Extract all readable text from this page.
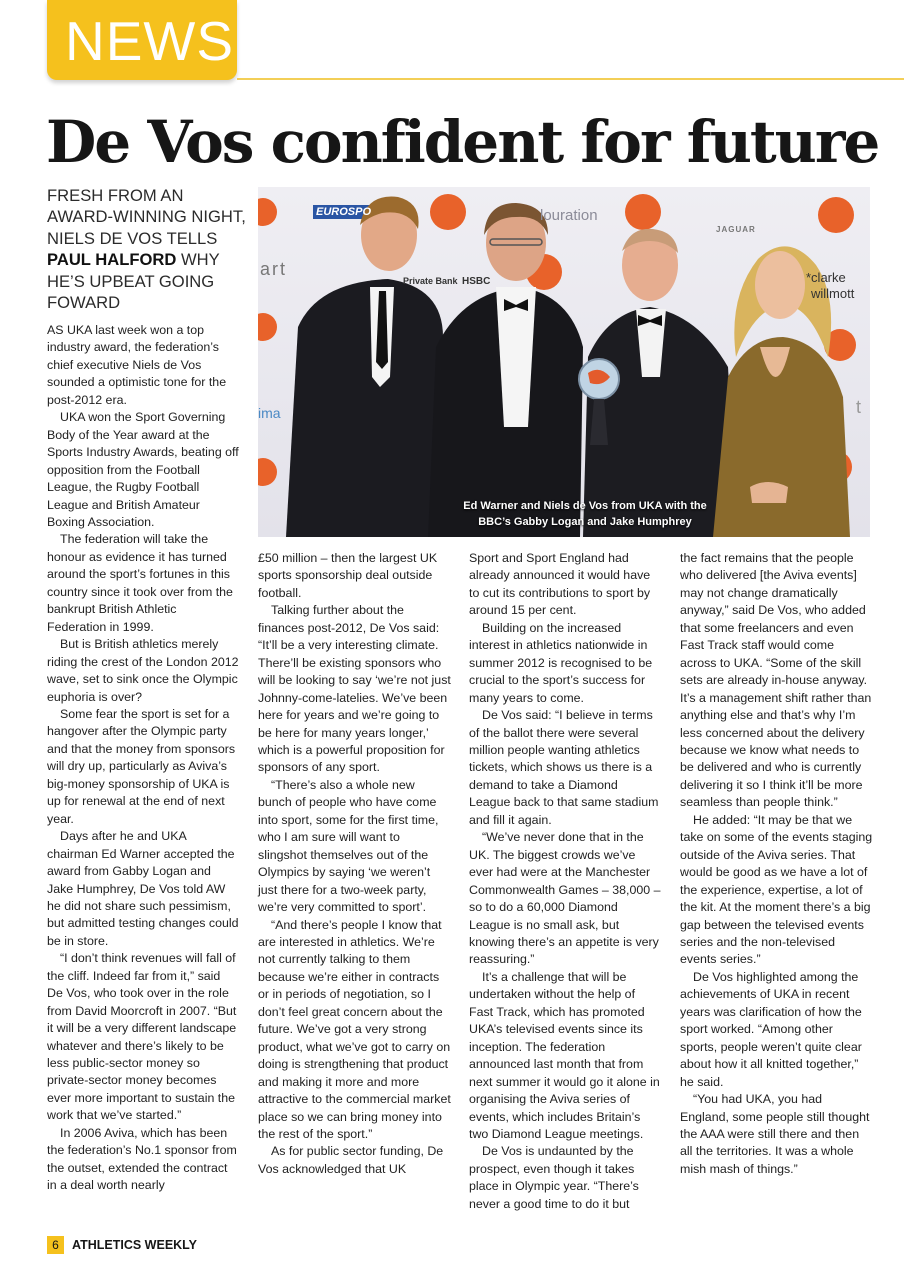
NEWS
De Vos confident for future

FRESH FROM AN AWARD-WINNING NIGHT, NIELS DE VOS TELLS PAUL HALFORD WHY HE’S UPBEAT GOING FOWARD

EUROSPO	louration
JAGUAR
*clarke
willmott
Private Bank HSBC
art
ima	t
Ed Warner and Niels de Vos from UKA with the
BBC’s Gabby Logan and Jake Humphrey

AS UKA last week won a top industry award, the federation’s chief executive Niels de Vos sounded a optimistic tone for the post-2012 era.

UKA won the Sport Governing Body of the Year award at the Sports Industry Awards, beating off opposition from the Football League, the Rugby Football League and British Amateur Boxing Association.

The federation will take the honour as evidence it has turned around the sport’s fortunes in this country since it took over from the bankrupt British Athletic Federation in 1999.

But is British athletics merely riding the crest of the London 2012 wave, set to sink once the Olympic euphoria is over?

Some fear the sport is set for a hangover after the Olympic party and that the money from sponsors will dry up, particularly as Aviva’s big-money sponsorship of UKA is up for renewal at the end of next year.

Days after he and UKA chairman Ed Warner accepted the award from Gabby Logan and Jake Humphrey, De Vos told AW he did not share such pessimism, but admitted testing changes could be in store.

“I don’t think revenues will fall of the cliff. Indeed far from it,” said De Vos, who took over in the role from David Moorcroft in 2007. “But it will be a very different landscape whatever and there’s likely to be less public-sector money so private-sector money becomes ever more important to sustain the work that we’ve started.”

In 2006 Aviva, which has been the federation’s No.1 sponsor from the outset, extended the contract in a deal worth nearly

£50 million – then the largest UK sports sponsorship deal outside football.

Talking further about the finances post-2012, De Vos said: “It’ll be a very interesting climate. There’ll be existing sponsors who will be looking to say ‘we’re not just Johnny-come-latelies. We’ve been here for years and we’re going to be here for many years longer,’ which is a powerful proposition for sponsors of any sport.

“There’s also a whole new bunch of people who have come into sport, some for the first time, who I am sure will want to slingshot themselves out of the Olympics by saying ‘we weren’t just there for a two-week party, we’re very committed to sport’.

“And there’s people I know that are interested in athletics. We’re not currently talking to them because we’re either in contracts or in periods of negotiation, so I don’t feel great concern about the future. We’ve got a very strong product, what we’ve got to carry on doing is strengthening that product and making it more and more attractive to the commercial market place so we can bring money into the rest of the sport.”

As for public sector funding, De Vos acknowledged that UK

Sport and Sport England had already announced it would have to cut its contributions to sport by around 15 per cent.

Building on the increased interest in athletics nationwide in summer 2012 is recognised to be crucial to the sport’s success for many years to come.

De Vos said: “I believe in terms of the ballot there were several million people wanting athletics tickets, which shows us there is a demand to take a Diamond League back to that same stadium and fill it again.

“We’ve never done that in the UK. The biggest crowds we’ve ever had were at the Manchester Commonwealth Games – 38,000 – so to do a 60,000 Diamond League is no small ask, but knowing there’s an appetite is very reassuring.”

It’s a challenge that will be undertaken without the help of Fast Track, which has promoted UKA’s televised events since its inception. The federation announced last month that from next summer it would go it alone in organising the Aviva series of events, which includes Britain’s two Diamond League meetings.

De Vos is undaunted by the prospect, even though it takes place in Olympic year. “There’s never a good time to do it but

the fact remains that the people who delivered [the Aviva events] may not change dramatically anyway,” said De Vos, who added that some freelancers and even Fast Track staff would come across to UKA. “Some of the skill sets are already in-house anyway. It’s a management shift rather than anything else and that’s why I’m less concerned about the delivery because we know what needs to be delivered and who is currently delivering it so I think it’ll be more seamless than people think.”

He added: “It may be that we take on some of the events staging outside of the Aviva series. That would be good as we have a lot of the experience, expertise, a lot of the kit. At the moment there’s a big gap between the televised events series and the non-televised events series.”

De Vos highlighted among the achievements of UKA in recent years was clarification of how the sport worked. “Among other sports, people weren’t quite clear about how it all knitted together,” he said.

“You had UKA, you had England, some people still thought the AAA were still there and then all the territories. It was a whole mish mash of things.”

6	ATHLETICS WEEKLY
